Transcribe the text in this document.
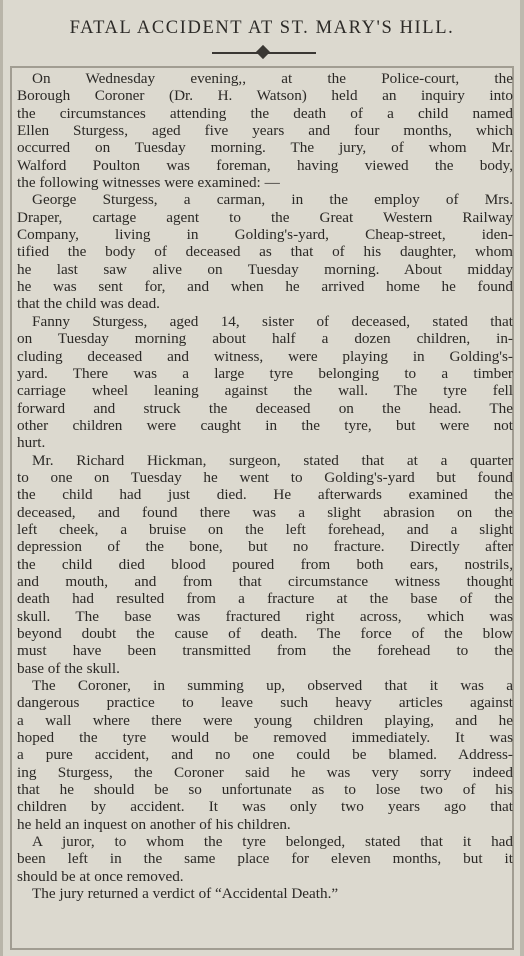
FATAL ACCIDENT AT ST. MARY'S HILL.
On Wednesday evening,, at the Police-court, the
Borough Coroner (Dr. H. Watson) held an inquiry into
the circumstances attending the death of a child named
Ellen Sturgess, aged five years and four months, which
occurred on Tuesday morning. The jury, of whom Mr.
Walford Poulton was foreman, having viewed the body,
the following witnesses were examined: —
George Sturgess, a carman, in the employ of Mrs.
Draper, cartage agent to the Great Western Railway
Company, living in Golding's-yard, Cheap-street, iden-
tified the body of deceased as that of his daughter, whom
he last saw alive on Tuesday morning. About midday
he was sent for, and when he arrived home he found
that the child was dead.
Fanny Sturgess, aged 14, sister of deceased, stated that
on Tuesday morning about half a dozen children, in-
cluding deceased and witness, were playing in Golding's-
yard. There was a large tyre belonging to a timber
carriage wheel leaning against the wall. The tyre fell
forward and struck the deceased on the head. The
other children were caught in the tyre, but were not
hurt.
Mr. Richard Hickman, surgeon, stated that at a quarter
to one on Tuesday he went to Golding's-yard but found
the child had just died. He afterwards examined the
deceased, and found there was a slight abrasion on the
left cheek, a bruise on the left forehead, and a slight
depression of the bone, but no fracture. Directly after
the child died blood poured from both ears, nostrils,
and mouth, and from that circumstance witness thought
death had resulted from a fracture at the base of the
skull. The base was fractured right across, which was
beyond doubt the cause of death. The force of the blow
must have been transmitted from the forehead to the
base of the skull.
The Coroner, in summing up, observed that it was a
dangerous practice to leave such heavy articles against
a wall where there were young children playing, and he
hoped the tyre would be removed immediately. It was
a pure accident, and no one could be blamed. Address-
ing Sturgess, the Coroner said he was very sorry indeed
that he should be so unfortunate as to lose two of his
children by accident. It was only two years ago that
he held an inquest on another of his children.
A juror, to whom the tyre belonged, stated that it had
been left in the same place for eleven months, but it
should be at once removed.
The jury returned a verdict of “Accidental Death.”
